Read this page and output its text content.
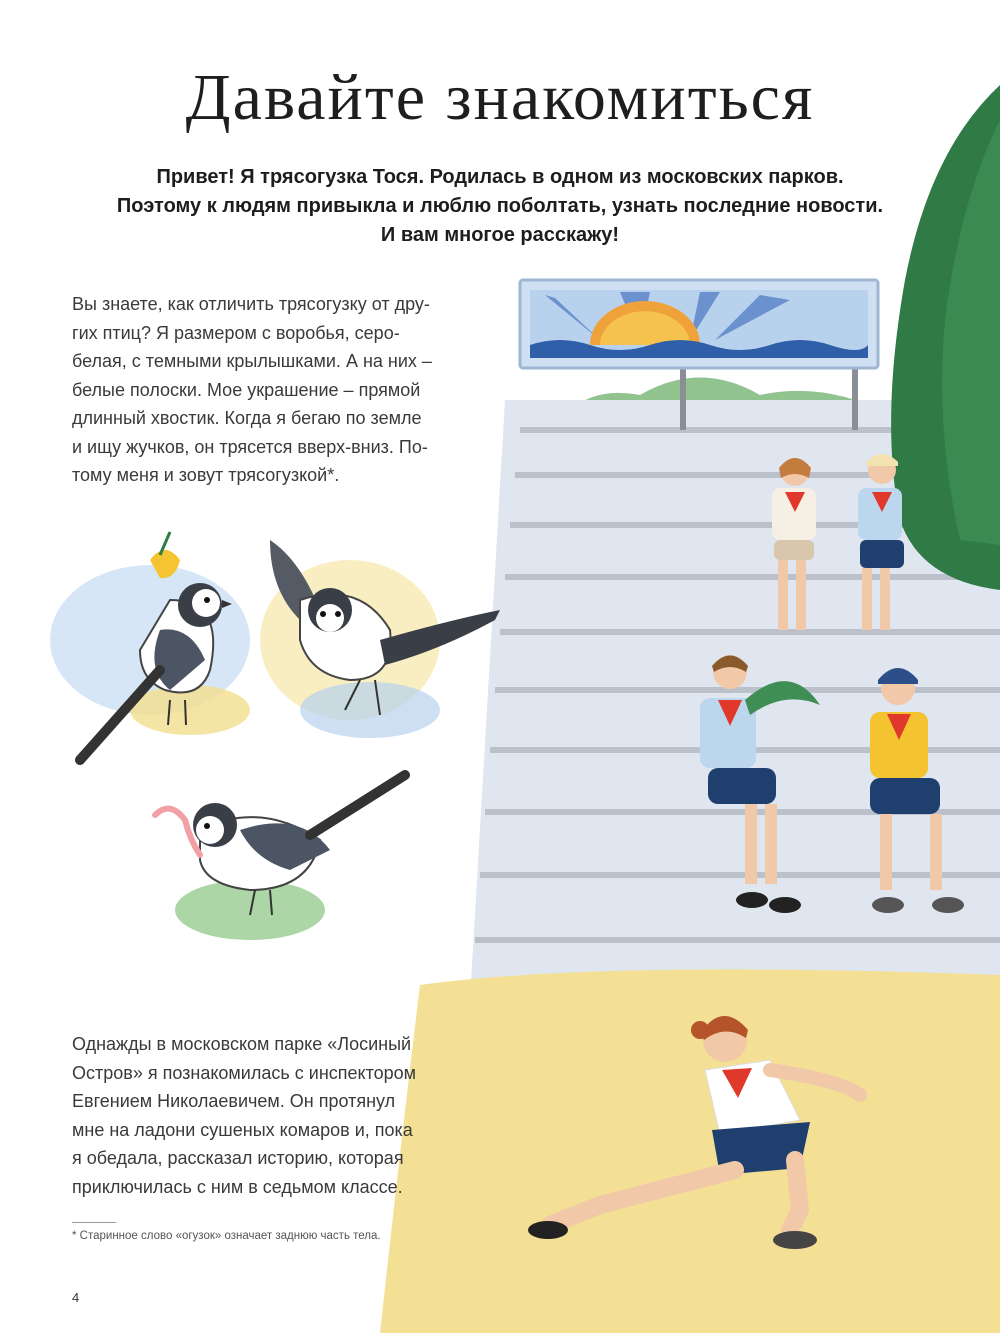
Давайте знакомиться
Привет! Я трясогузка Тося. Родилась в одном из московских парков.
Поэтому к людям привыкла и люблю поболтать, узнать последние новости.
И вам многое расскажу!
Вы знаете, как отличить трясогузку от дру-
гих птиц? Я размером с воробья, серо-
белая, с темными крылышками. А на них –
белые полоски. Мое украшение – прямой
длинный хвостик. Когда я бегаю по земле
и ищу жучков, он трясется вверх-вниз. По-
тому меня и зовут трясогузкой*.
Однажды в московском парке «Лосиный
Остров» я познакомилась с инспектором
Евгением Николаевичем. Он протянул
мне на ладони сушеных комаров и, пока
я обедала, рассказал историю, которая
приключилась с ним в седьмом классе.
* Старинное слово «огузок» означает заднюю часть тела.
4
